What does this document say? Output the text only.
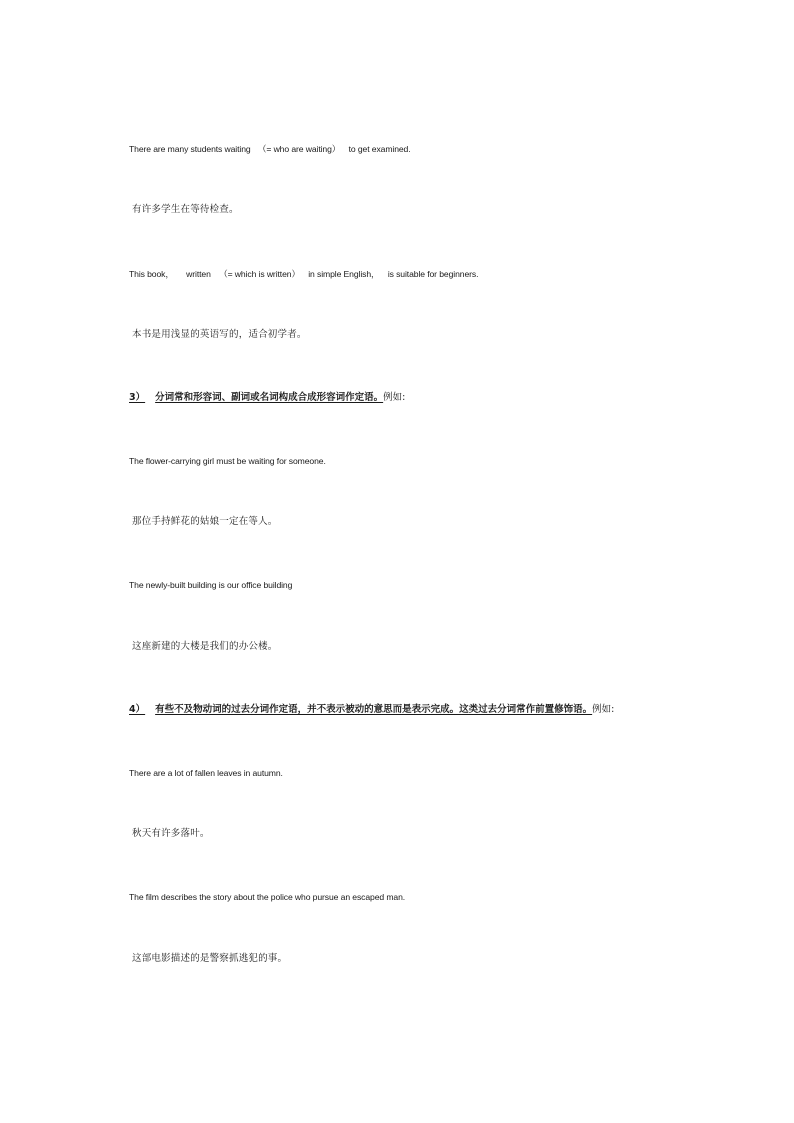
There are many students waiting （= who are waiting） to get examined.
有许多学生在等待检查。
This book， written （= which is written） in simple English， is suitable for beginners.
本书是用浅显的英语写的，适合初学者。
3） 分词常和形容词、副词或名词构成合成形容词作定语。例如:
The flower-carrying girl must be waiting for someone.
那位手持鲜花的姑娘一定在等人。
The newly-built building is our office building
这座新建的大楼是我们的办公楼。
4） 有些不及物动词的过去分词作定语，并不表示被动的意思而是表示完成。这类过去分词常作前置修饰语。例如:
There are a lot of fallen leaves in autumn.
秋天有许多落叶。
The film describes the story about the police who pursue an escaped man.
这部电影描述的是警察抓逃犯的事。
